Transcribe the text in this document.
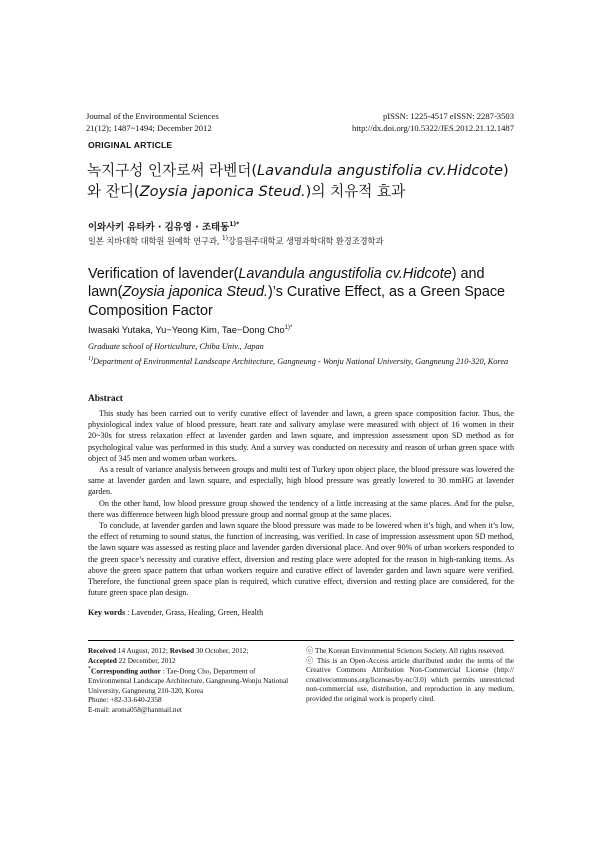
Journal of the Environmental Sciences
21(12); 1487~1494; December 2012
pISSN: 1225-4517 eISSN: 2287-3503
http://dx.doi.org/10.5322/JES.2012.21.12.1487
ORIGINAL ARTICLE
녹지구성 인자로써 라벤더(Lavandula angustifolia cv.Hidcote)와 잔디(Zoysia japonica Steud.)의 치유적 효과
이와사키 유타카 · 김유영 · 조태동$^{1)*}$
일본 치바대학 대학원 원예학 연구과, $^{1)}$강릉원주대학교 생명과학대학 환경조경학과
Verification of lavender(Lavandula angustifolia cv.Hidcote) and lawn(Zoysia japonica Steud.)’s Curative Effect, as a Green Space Composition Factor
Iwasaki Yutaka, Yu−Yeong Kim, Tae−Dong Cho$^{1)*}$
Graduate school of Horticulture, Chiba Univ., Japan
$^{1)}$Department of Environmental Landscape Architecture, Gangneung - Wonju National University, Gangneung 210-320, Korea
Abstract

This study has been carried out to verify curative effect of lavender and lawn, a green space composition factor. Thus, the physiological index value of blood pressure, heart rate and salivary amylase were measured with object of 16 women in their 20~30s for stress relaxation effect at lavender garden and lawn square, and impression assessment upon SD method as for psychological value was performed in this study. And a survey was conducted on necessity and reason of urban green space with object of 345 men and women urban workers.

As a result of variance analysis between groups and multi test of Turkey upon object place, the blood pressure was lowered the same at lavender garden and lawn square, and especially, high blood pressure was greatly lowered to 30 mmHG at lavender garden.

On the other hand, low blood pressure group showed the tendency of a little increasing at the same places. And for the pulse, there was difference between high blood pressure group and normal group at the same places.

To conclude, at lavender garden and lawn square the blood pressure was made to be lowered when it’s high, and when it’s low, the effect of returning to sound status, the function of increasing, was verified. In case of impression assessment upon SD method, the lawn square was assessed as resting place and lavender garden diversional place. And over 90% of urban workers responded to the green space’s necessity and curative effect, diversion and resting place were adopted for the reason in high-ranking items. As above the green space pattern that urban workers require and curative effect of lavender garden and lawn square were verified. Therefore, the functional green space plan is required, which curative effect, diversion and resting place are considered, for the future green space plan design.

Key words : Lavender, Grass, Healing, Green, Health
Received 14 August, 2012; Revised 30 October, 2012;
Accepted 22 December, 2012
*Corresponding author : Tae-Dong Cho, Department of Environmental Landscape Architecture, Gangneung-Wonju National University, Gangneung 210-320, Korea
Phone: +82-33-640-2358
E-mail: aroma058@hanmail.net

ⓒ The Korean Environmental Sciences Society. All rights reserved.

ⓒ This is an Open-Access article distributed under the terms of the Creative Commons Attribution Non-Commercial License (http:// creativecommons.org/licenses/by-nc/3.0) which permits unrestricted non-commercial use, distribution, and reproduction in any medium, provided the original work is properly cited.
